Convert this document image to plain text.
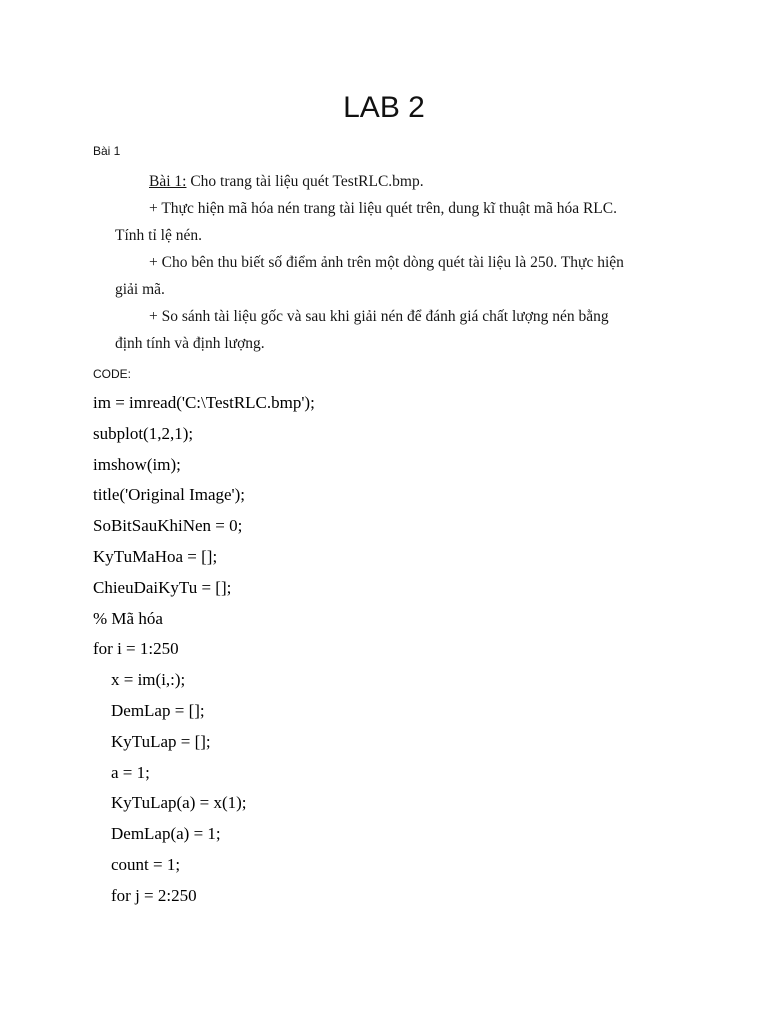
LAB 2
Bài 1
Bài 1: Cho trang tài liệu quét TestRLC.bmp.
+ Thực hiện mã hóa nén trang tài liệu quét trên, dung kĩ thuật mã hóa RLC.
Tính tỉ lệ nén.
+ Cho bên thu biết số điểm ảnh trên một dòng quét tài liệu là 250. Thực hiện
giải mã.
+ So sánh tài liệu gốc và sau khi giải nén để đánh giá chất lượng nén bằng
định tính và định lượng.
CODE:
im = imread('C:\TestRLC.bmp');
subplot(1,2,1);
imshow(im);
title('Original Image');
SoBitSauKhiNen = 0;
KyTuMaHoa = [];
ChieuDaiKyTu = [];
% Mã hóa
for i = 1:250
x = im(i,:);
DemLap = [];
KyTuLap = [];
a = 1;
KyTuLap(a) = x(1);
DemLap(a) = 1;
count = 1;
for j = 2:250
